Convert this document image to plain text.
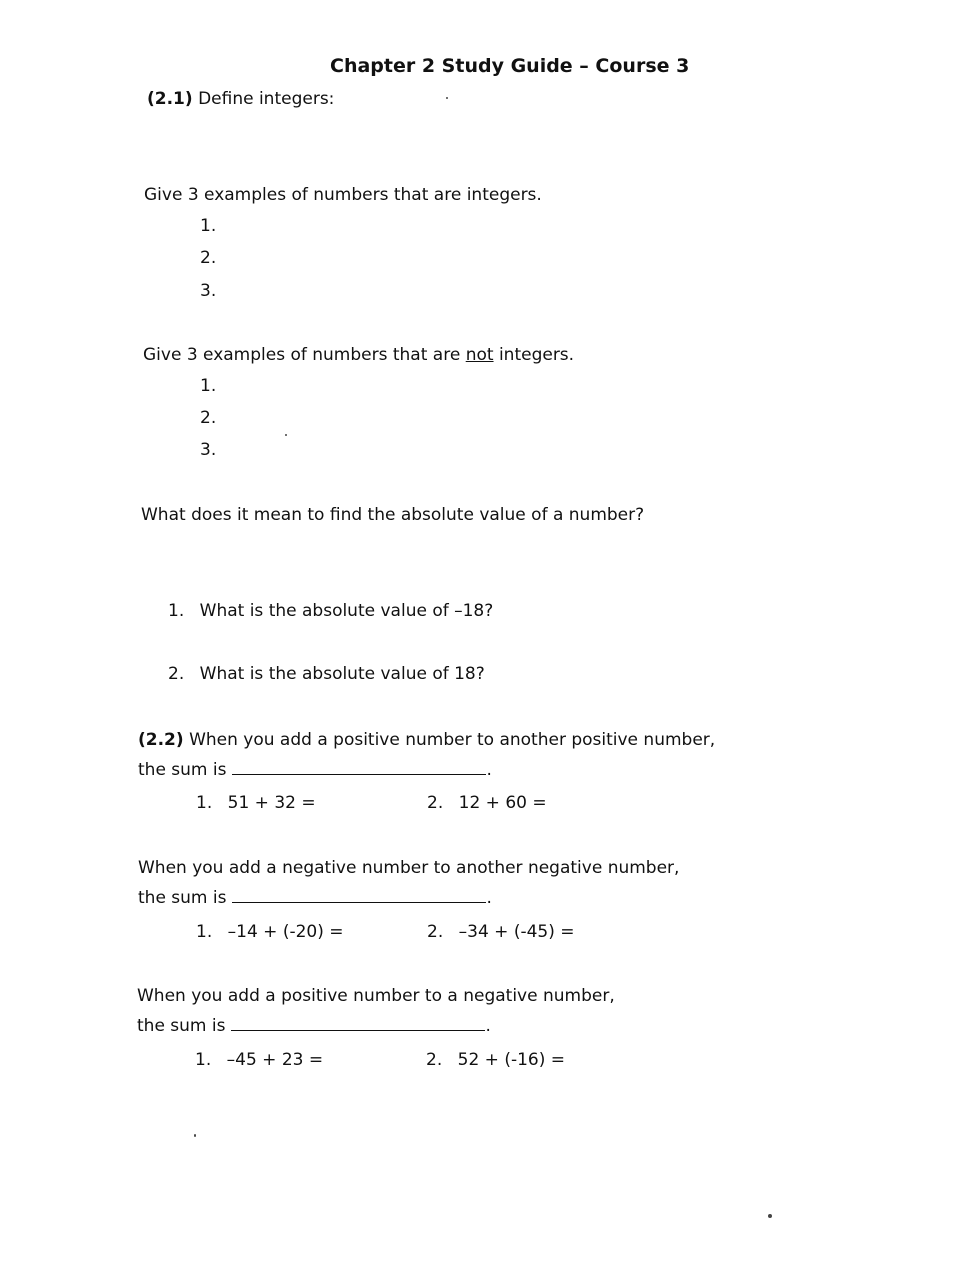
Chapter 2 Study Guide – Course 3
(2.1) Define integers:
Give 3 examples of numbers that are integers.
1.
2.
3.
Give 3 examples of numbers that are not integers.
1.
2.
3.
What does it mean to find the absolute value of a number?
1. What is the absolute value of –18?
2. What is the absolute value of 18?
(2.2) When you add a positive number to another positive number,
the sum is	.
1. 51 + 32 =	2. 12 + 60 =
When you add a negative number to another negative number,
the sum is	.
1. –14 + (-20) =	2. –34 + (-45) =
When you add a positive number to a negative number,
the sum is	.
1. –45 + 23 =	2. 52 + (-16) =
